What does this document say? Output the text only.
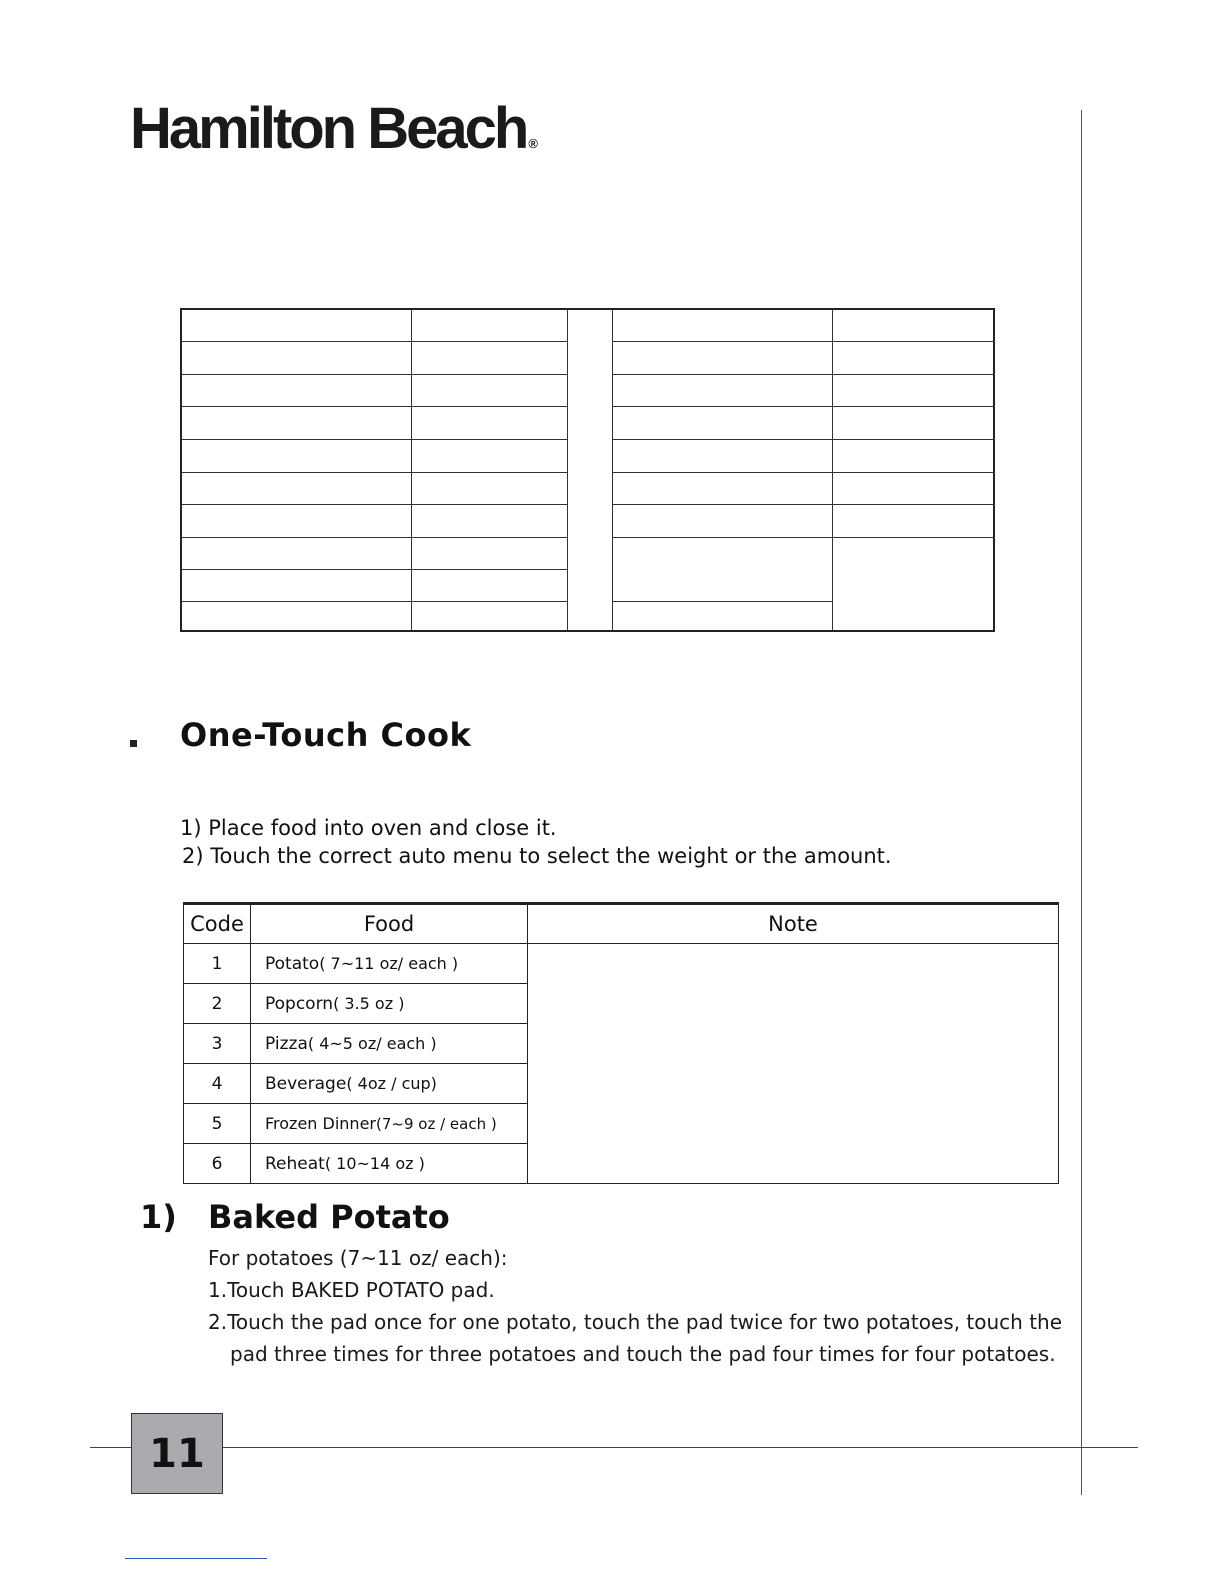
Hamilton Beach ®
One-Touch Cook
1) Place food into oven and close it.
2) Touch the correct auto menu to select the weight or the amount.
Code	Food	Note
1	Potato( 7~11 oz/ each )	
2	Popcorn( 3.5 oz )	
3	Pizza( 4~5 oz/ each )	
4	Beverage( 4oz / cup)	
5	Frozen Dinner(7~9 oz / each )	
6	Reheat( 10~14 oz )	
1) Baked Potato
For potatoes (7~11 oz/ each):
1.Touch BAKED POTATO pad.
2.Touch the pad once for one potato, touch the pad twice for two potatoes, touch the
pad three times for three potatoes and touch the pad four times for four potatoes.
11
